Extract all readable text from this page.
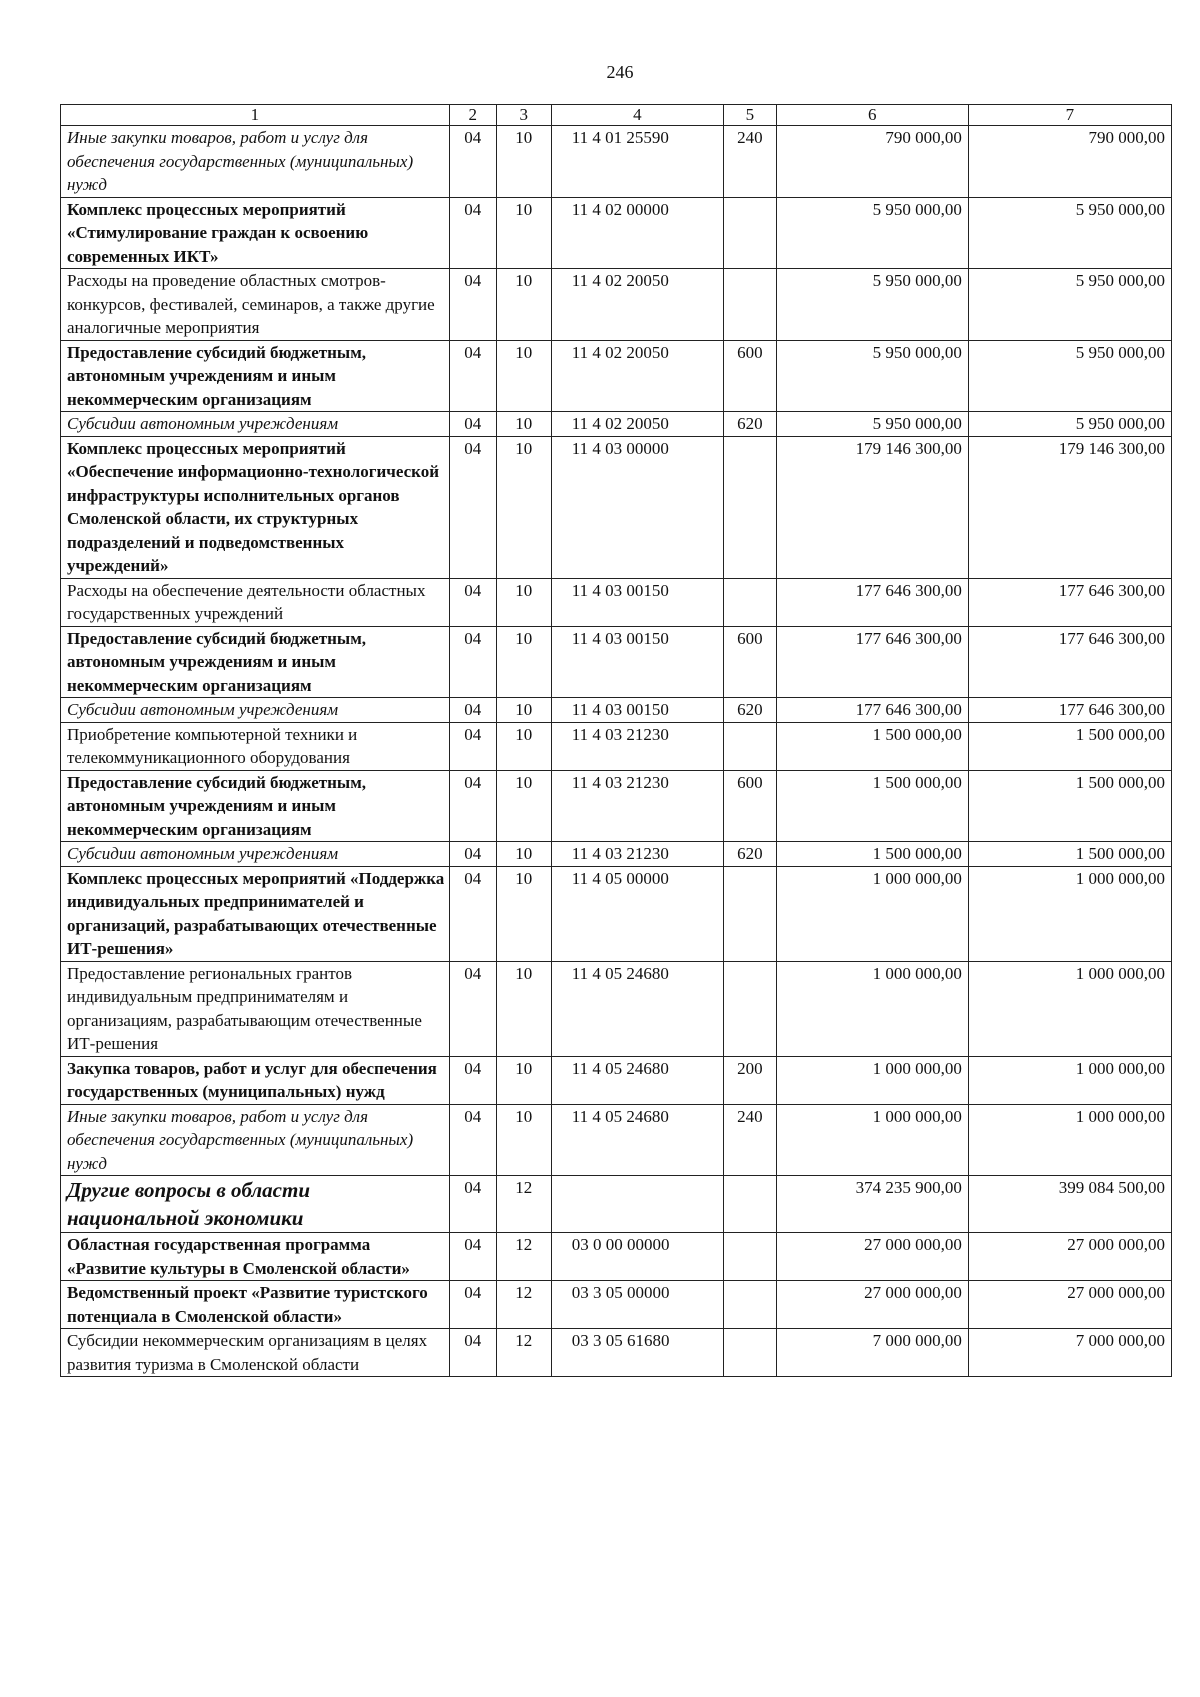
246
1	2	3	4	5	6	7
Иные закупки товаров, работ и услуг для обеспечения государственных (муниципальных) нужд	04	10	11 4 01 25590	240	790 000,00	790 000,00
Комплекс процессных мероприятий «Стимулирование граждан к освоению современных ИКТ»	04	10	11 4 02 00000		5 950 000,00	5 950 000,00
Расходы на проведение областных смотров-конкурсов, фестивалей, семинаров, а также другие аналогичные мероприятия	04	10	11 4 02 20050		5 950 000,00	5 950 000,00
Предоставление субсидий бюджетным, автономным учреждениям и иным некоммерческим организациям	04	10	11 4 02 20050	600	5 950 000,00	5 950 000,00
Субсидии автономным учреждениям	04	10	11 4 02 20050	620	5 950 000,00	5 950 000,00
Комплекс процессных мероприятий «Обеспечение информационно-технологической инфраструктуры исполнительных органов Смоленской области, их структурных подразделений и подведомственных учреждений»	04	10	11 4 03 00000		179 146 300,00	179 146 300,00
Расходы на обеспечение деятельности областных государственных учреждений	04	10	11 4 03 00150		177 646 300,00	177 646 300,00
Предоставление субсидий бюджетным, автономным учреждениям и иным некоммерческим организациям	04	10	11 4 03 00150	600	177 646 300,00	177 646 300,00
Субсидии автономным учреждениям	04	10	11 4 03 00150	620	177 646 300,00	177 646 300,00
Приобретение компьютерной техники и телекоммуникационного оборудования	04	10	11 4 03 21230		1 500 000,00	1 500 000,00
Предоставление субсидий бюджетным, автономным учреждениям и иным некоммерческим организациям	04	10	11 4 03 21230	600	1 500 000,00	1 500 000,00
Субсидии автономным учреждениям	04	10	11 4 03 21230	620	1 500 000,00	1 500 000,00
Комплекс процессных мероприятий «Поддержка индивидуальных предпринимателей и организаций, разрабатывающих отечественные ИТ-решения»	04	10	11 4 05 00000		1 000 000,00	1 000 000,00
Предоставление региональных грантов индивидуальным предпринимателям и организациям, разрабатывающим отечественные ИТ-решения	04	10	11 4 05 24680		1 000 000,00	1 000 000,00
Закупка товаров, работ и услуг для обеспечения государственных (муниципальных) нужд	04	10	11 4 05 24680	200	1 000 000,00	1 000 000,00
Иные закупки товаров, работ и услуг для обеспечения государственных (муниципальных) нужд	04	10	11 4 05 24680	240	1 000 000,00	1 000 000,00
Другие вопросы в области национальной экономики	04	12			374 235 900,00	399 084 500,00
Областная государственная программа «Развитие культуры в Смоленской области»	04	12	03 0 00 00000		27 000 000,00	27 000 000,00
Ведомственный проект «Развитие туристского потенциала в Смоленской области»	04	12	03 3 05 00000		27 000 000,00	27 000 000,00
Субсидии некоммерческим организациям в целях развития туризма в Смоленской области	04	12	03 3 05 61680		7 000 000,00	7 000 000,00
